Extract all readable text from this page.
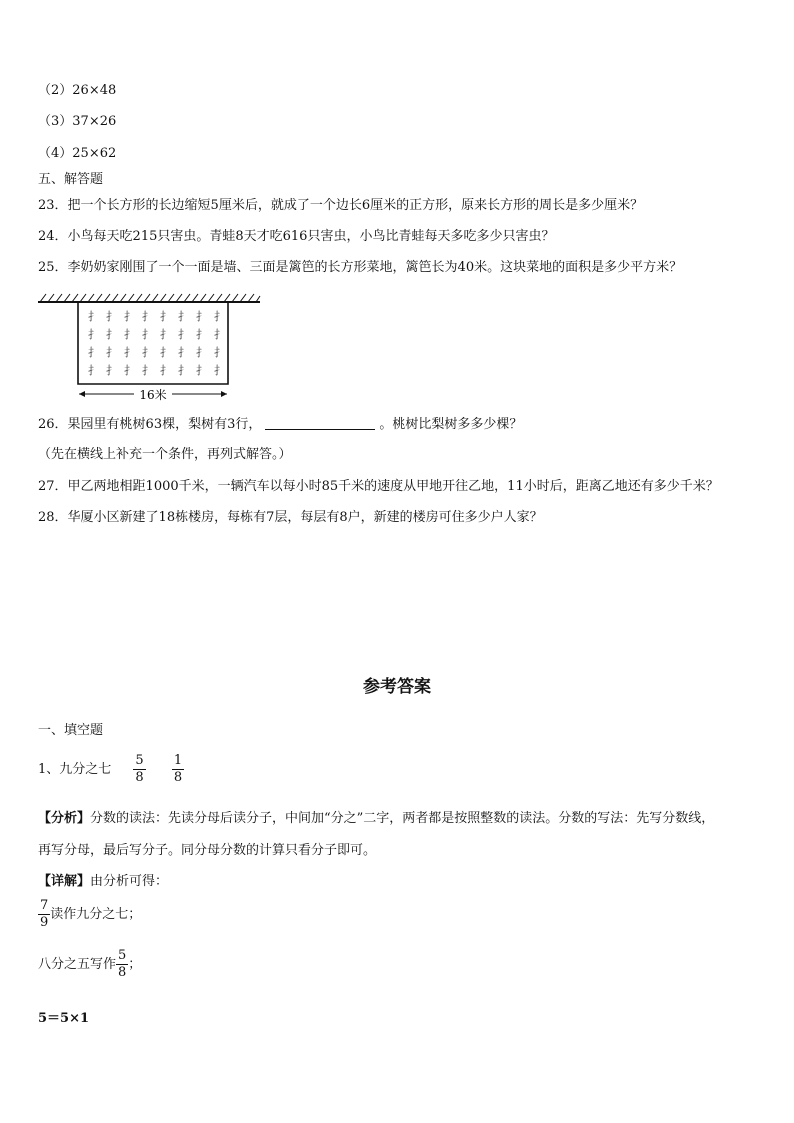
（2）26×48
（3）37×26
（4）25×62
五、解答题
23．把一个长方形的长边缩短5厘米后，就成了一个边长6厘米的正方形，原来长方形的周长是多少厘米？
24．小鸟每天吃215只害虫。青蛙8天才吃616只害虫，小鸟比青蛙每天多吃多少只害虫？
25．李奶奶家刚围了一个一面是墙、三面是篱笆的长方形菜地，篱笆长为40米。这块菜地的面积是多少平方米？
⺘ ⺘ ⺘ ⺘ ⺘ ⺘ ⺘ ⺘
⺘ ⺘ ⺘ ⺘ ⺘ ⺘ ⺘ ⺘
⺘ ⺘ ⺘ ⺘ ⺘ ⺘ ⺘ ⺘
⺘ ⺘ ⺘ ⺘ ⺘ ⺘ ⺘ ⺘
16米
26．果园里有桃树63棵，梨树有3行，	。桃树比梨树多多少棵？
（先在横线上补充一个条件，再列式解答。）
27．甲乙两地相距1000千米，一辆汽车以每小时85千米的速度从甲地开往乙地，11小时后，距离乙地还有多少千米？
28．华厦小区新建了18栋楼房，每栋有7层，每层有8户，新建的楼房可住多少户人家？
参考答案
一、填空题
1、九分之七 $\frac{5}{8}$
$\frac{1}{8}$
【分析】分数的读法：先读分母后读分子，中间加“分之”二字，两者都是按照整数的读法。分数的写法：先写分数线，
再写分母，最后写分子。同分母分数的计算只看分子即可。
【详解】由分析可得：
$\frac{7}{9}$ 读作九分之七；
八分之五写作 $\frac{5}{8}$ ；
5＝5×1
